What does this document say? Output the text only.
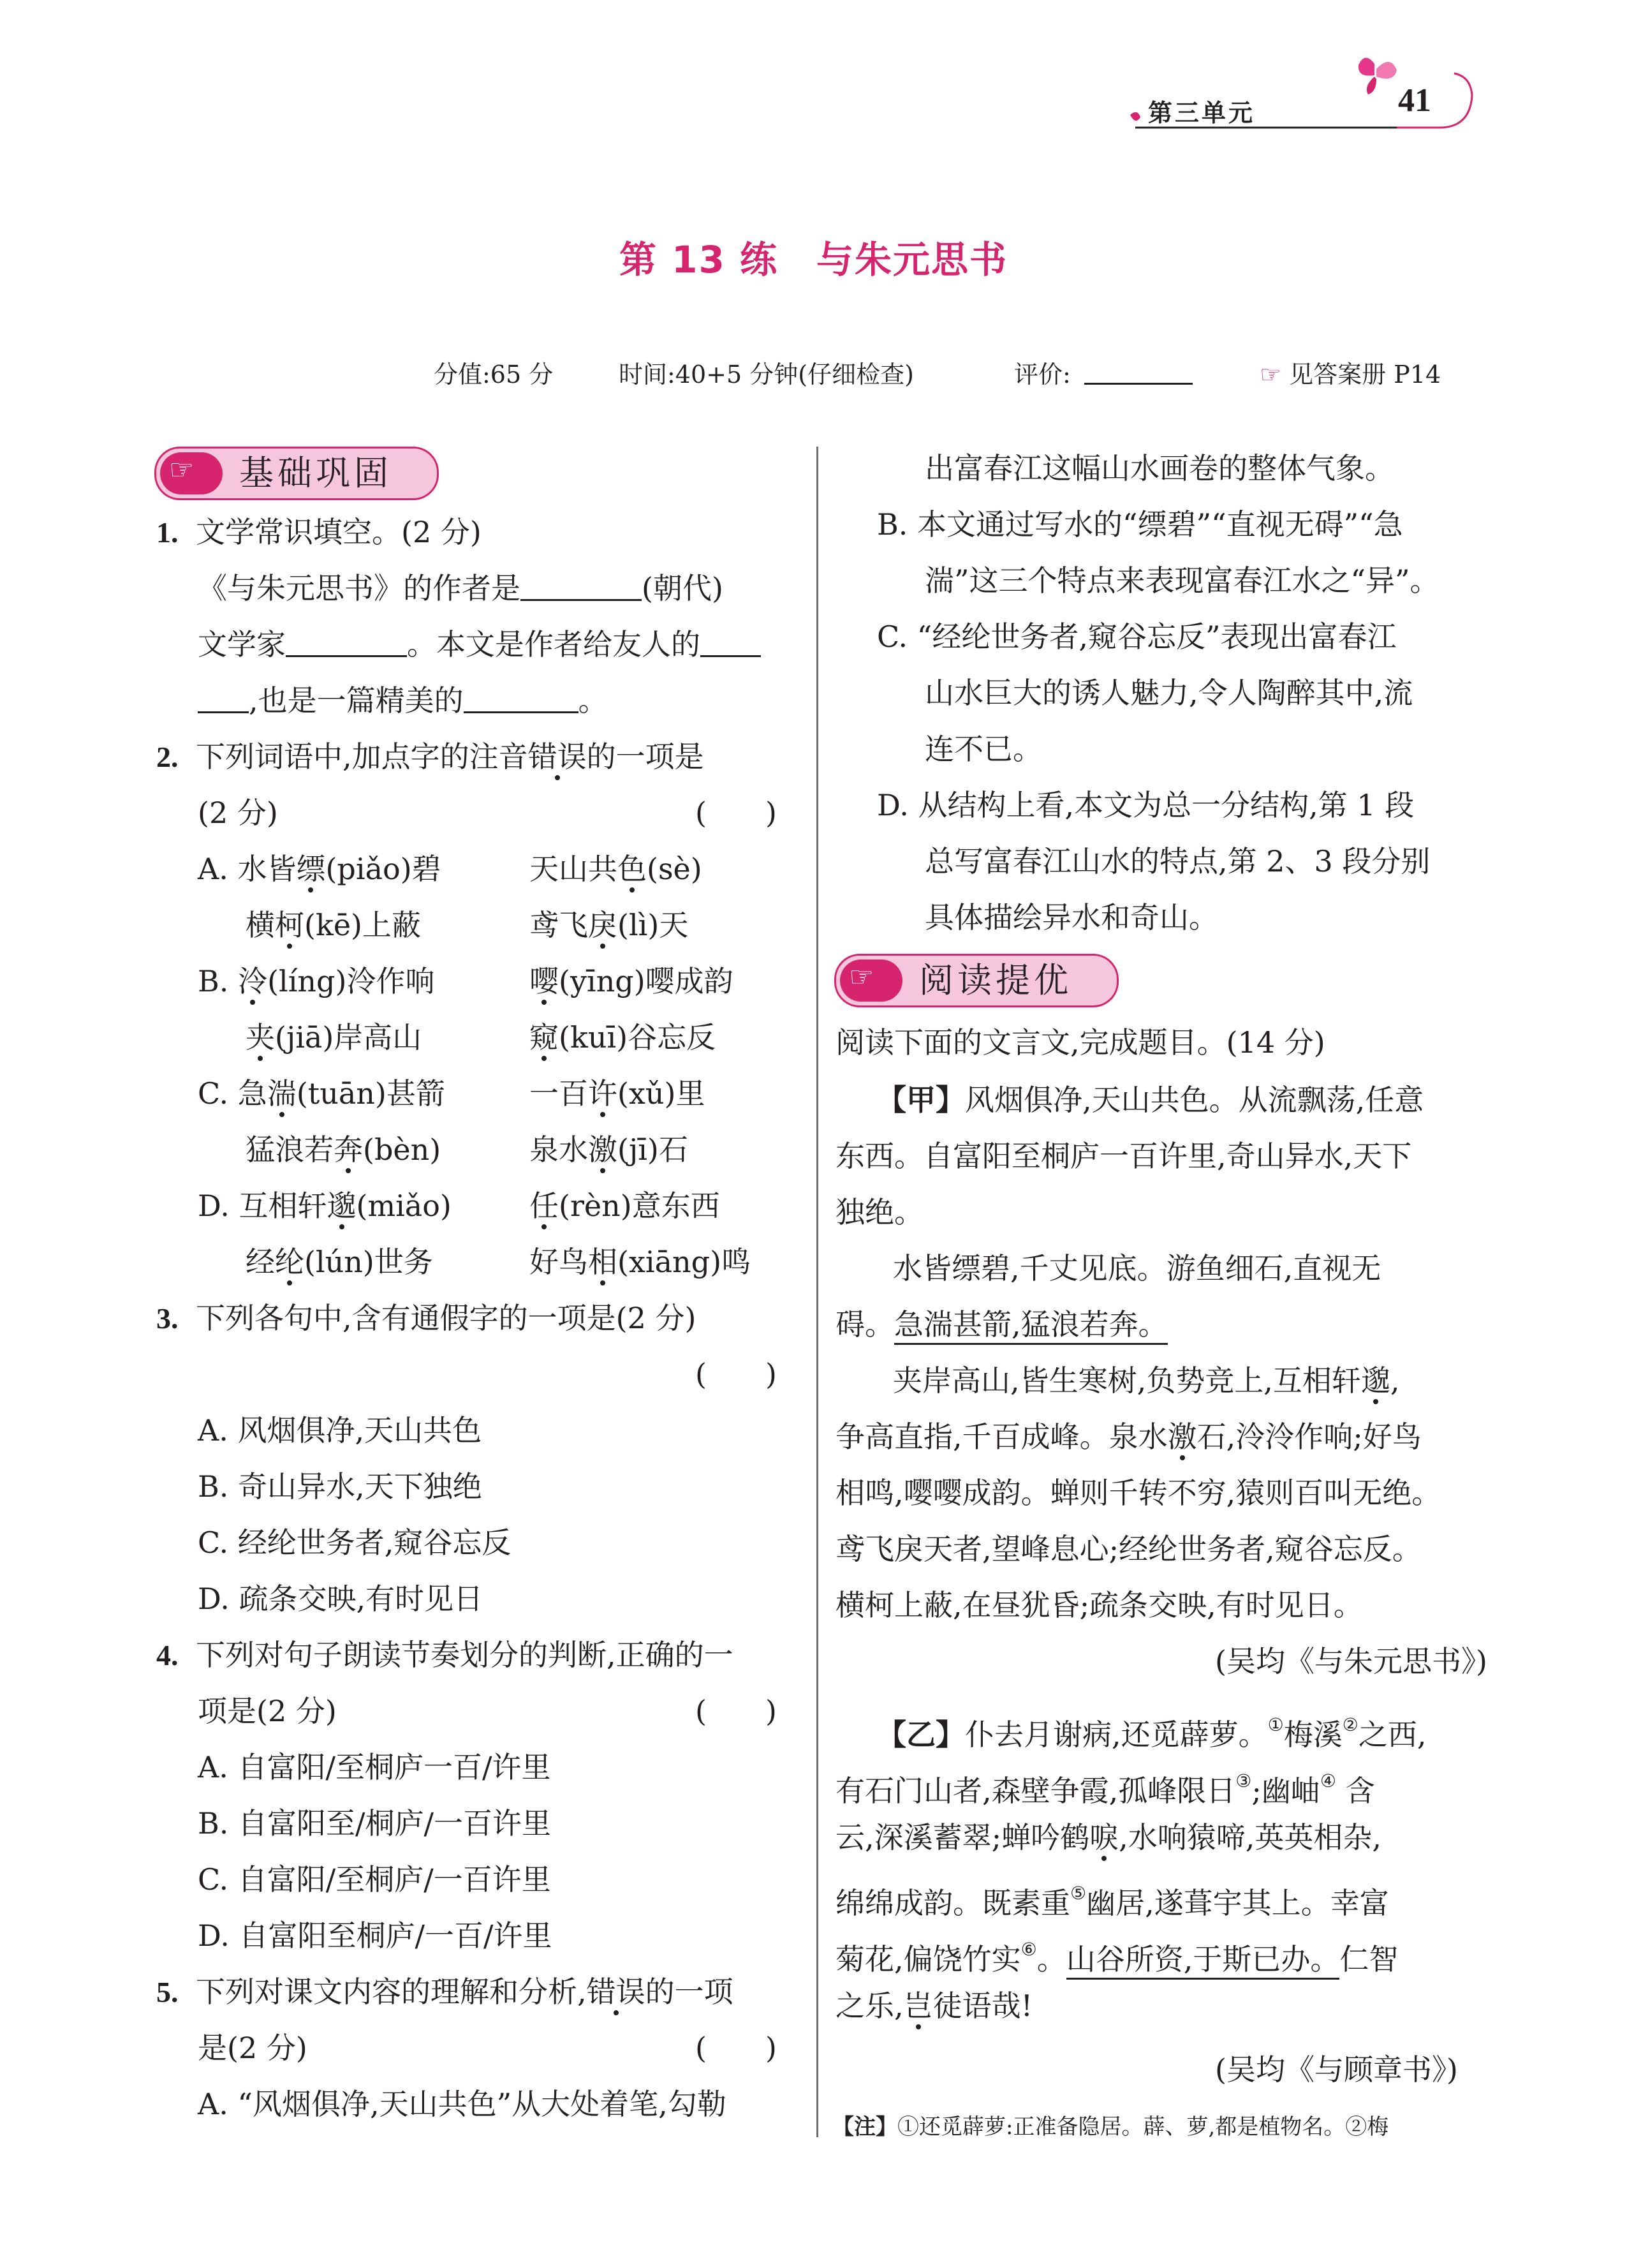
第三单元	41
第 13 练　与朱元思书
分值:65 分	时间:40+5 分钟(仔细检查)	评价:	☞ 见答案册 P14
☞ 基础巩固
1. 文学常识填空。(2 分)
《与朱元思书》的作者是	(朝代)
文学家	。本文是作者给友人的
,也是一篇精美的	。
2. 下列词语中,加点字的注音错误的一项是
(2 分)	(　　)
A. 水皆缥(piǎo)碧	天山共色(sè)
横柯(kē)上蔽	鸢飞戾(lì)天
B. 泠(líng)泠作响	嘤(yīng)嘤成韵
夹(jiā)岸高山	窥(kuī)谷忘反
C. 急湍(tuān)甚箭	一百许(xǔ)里
猛浪若奔(bèn)	泉水激(jī)石
D. 互相轩邈(miǎo)	任(rèn)意东西
经纶(lún)世务	好鸟相(xiāng)鸣
3. 下列各句中,含有通假字的一项是(2 分)
(　　)
A. 风烟俱净,天山共色
B. 奇山异水,天下独绝
C. 经纶世务者,窥谷忘反
D. 疏条交映,有时见日
4. 下列对句子朗读节奏划分的判断,正确的一
项是(2 分)	(　　)
A. 自富阳/至桐庐一百/许里
B. 自富阳至/桐庐/一百许里
C. 自富阳/至桐庐/一百许里
D. 自富阳至桐庐/一百/许里
5. 下列对课文内容的理解和分析,错误的一项
是(2 分)	(　　)
A. “风烟俱净,天山共色”从大处着笔,勾勒
出富春江这幅山水画卷的整体气象。
B. 本文通过写水的“缥碧”“直视无碍”“急
湍”这三个特点来表现富春江水之“异”。
C. “经纶世务者,窥谷忘反”表现出富春江
山水巨大的诱人魅力,令人陶醉其中,流
连不已。
D. 从结构上看,本文为总一分结构,第 1 段
总写富春江山水的特点,第 2、3 段分别
具体描绘异水和奇山。
☞ 阅读提优
阅读下面的文言文,完成题目。(14 分)
【甲】风烟俱净,天山共色。从流飘荡,任意
东西。自富阳至桐庐一百许里,奇山异水,天下
独绝。
水皆缥碧,千丈见底。游鱼细石,直视无
碍。急湍甚箭,猛浪若奔。
夹岸高山,皆生寒树,负势竞上,互相轩邈,
争高直指,千百成峰。泉水激石,泠泠作响;好鸟
相鸣,嘤嘤成韵。蝉则千转不穷,猿则百叫无绝。
鸢飞戾天者,望峰息心;经纶世务者,窥谷忘反。
横柯上蔽,在昼犹昏;疏条交映,有时见日。
(吴均《与朱元思书》)
【乙】仆去月谢病,还觅薜萝。①梅溪②之西,
有石门山者,森壁争霞,孤峰限日③;幽岫④ 含
云,深溪蓄翠;蝉吟鹤唳,水响猿啼,英英相杂,
绵绵成韵。既素重⑤幽居,遂葺宇其上。幸富
菊花,偏饶竹实⑥。山谷所资,于斯已办。仁智
之乐,岂徒语哉!
(吴均《与顾章书》)
【注】①还觅薜萝:正准备隐居。薜、萝,都是植物名。②梅
